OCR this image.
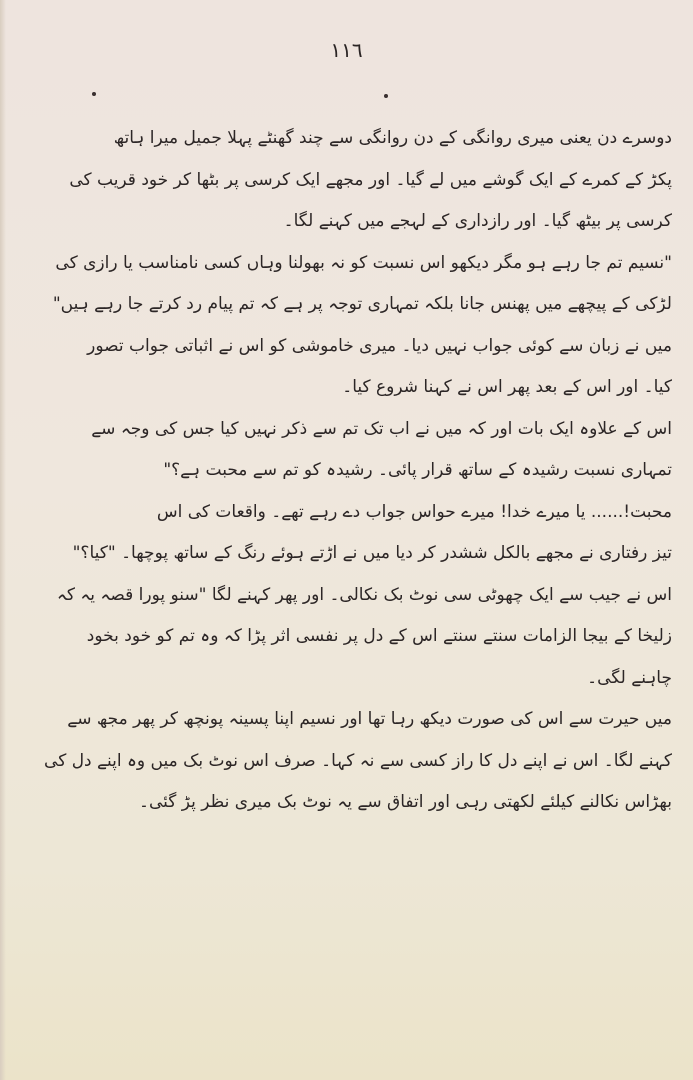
١١٦
دوسرے دن یعنی میری روانگی کے دن روانگی سے چند گھنٹے پہلا جمیل میرا ہاتھ
پکڑ کے کمرے کے ایک گوشے میں لے گیا۔ اور مجھے ایک کرسی پر بٹھا کر خود قریب کی
کرسی پر بیٹھ گیا۔ اور رازداری کے لہجے میں کہنے لگا۔
"نسیم تم جا رہے ہو مگر دیکھو اس نسبت کو نہ بھولنا وہاں کسی نامناسب یا رازی کی
لڑکی کے پیچھے میں پھنس جانا بلکہ تمہاری توجہ پر ہے کہ تم پیام رد کرتے جا رہے ہیں"
میں نے زبان سے کوئی جواب نہیں دیا۔ میری خاموشی کو اس نے اثباتی جواب تصور
کیا۔ اور اس کے بعد پھر اس نے کہنا شروع کیا۔
اس کے علاوہ ایک بات اور کہ میں نے اب تک تم سے ذکر نہیں کیا جس کی وجہ سے
تمہاری نسبت رشیدہ کے ساتھ قرار پائی۔ رشیدہ کو تم سے محبت ہے؟"
محبت!...... یا میرے خدا! میرے حواس جواب دے رہے تھے۔ واقعات کی اس
تیز رفتاری نے مجھے بالکل ششدر کر دیا میں نے اڑتے ہوئے رنگ کے ساتھ پوچھا۔ "کیا؟"
اس نے جیب سے ایک چھوٹی سی نوٹ بک نکالی۔ اور پھر کہنے لگا "سنو پورا قصہ یہ کہ
زلیخا کے بیجا الزامات سنتے سنتے اس کے دل پر نفسی اثر پڑا کہ وہ تم کو خود بخود
چاہنے لگی۔
میں حیرت سے اس کی صورت دیکھ رہا تھا اور نسیم اپنا پسینہ پونچھ کر پھر مجھ سے
کہنے لگا۔ اس نے اپنے دل کا راز کسی سے نہ کہا۔ صرف اس نوٹ بک میں وہ اپنے دل کی
بھڑاس نکالنے کیلئے لکھتی رہی اور اتفاق سے یہ نوٹ بک میری نظر پڑ گئی۔
